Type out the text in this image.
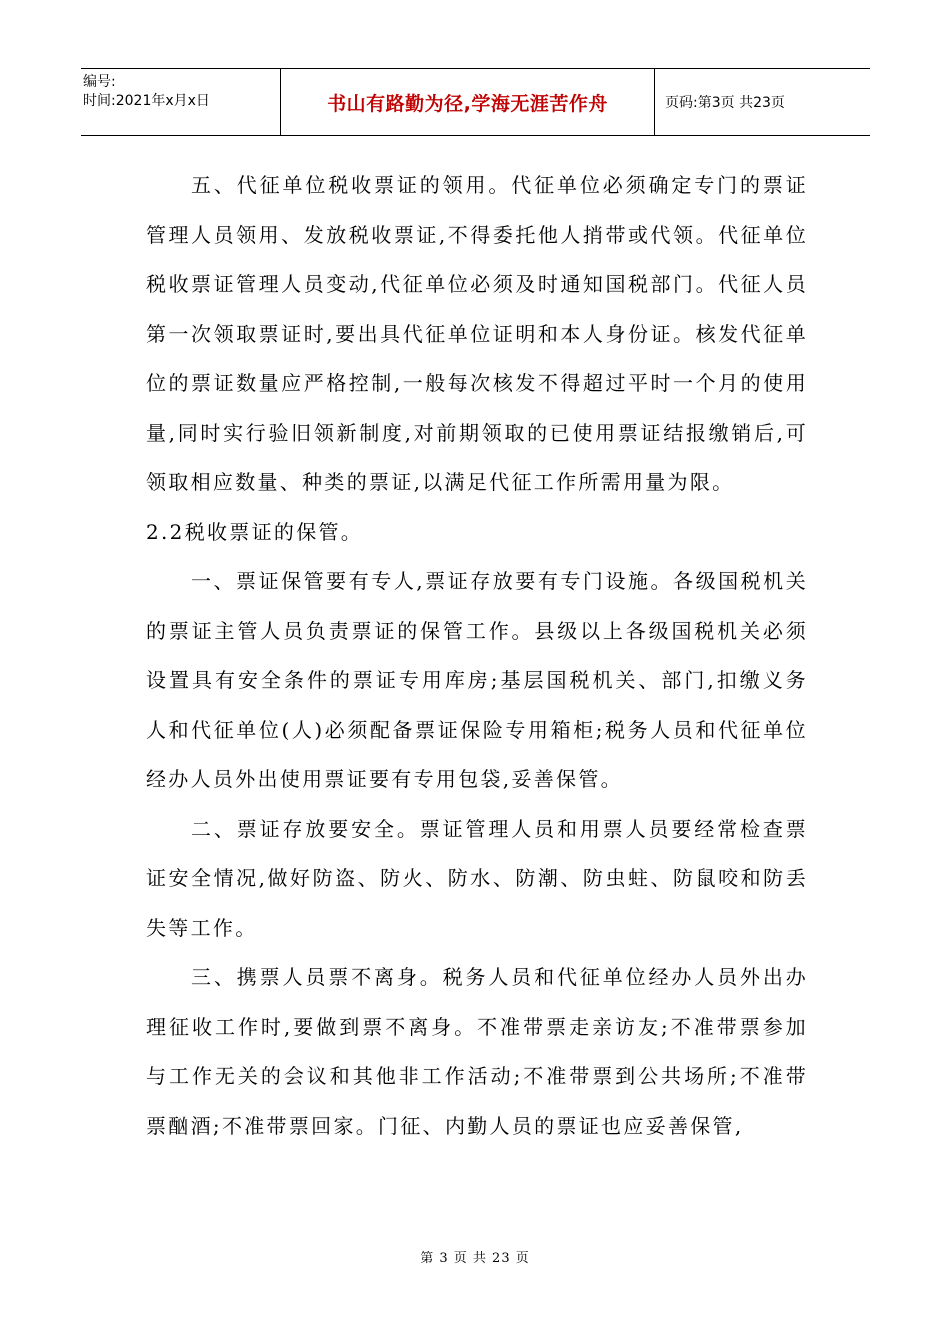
编号:
时间:2021年x月x日	书山有路勤为径,学海无涯苦作舟	页码:第3页 共23页

五、代征单位税收票证的领用。代征单位必须确定专门的票证管理人员领用、发放税收票证,不得委托他人捎带或代领。代征单位税收票证管理人员变动,代征单位必须及时通知国税部门。代征人员第一次领取票证时,要出具代征单位证明和本人身份证。核发代征单位的票证数量应严格控制,一般每次核发不得超过平时一个月的使用量,同时实行验旧领新制度,对前期领取的已使用票证结报缴销后,可领取相应数量、种类的票证,以满足代征工作所需用量为限。

2.2税收票证的保管。

一、票证保管要有专人,票证存放要有专门设施。各级国税机关的票证主管人员负责票证的保管工作。县级以上各级国税机关必须设置具有安全条件的票证专用库房;基层国税机关、部门,扣缴义务人和代征单位(人)必须配备票证保险专用箱柜;税务人员和代征单位经办人员外出使用票证要有专用包袋,妥善保管。

二、票证存放要安全。票证管理人员和用票人员要经常检查票证安全情况,做好防盗、防火、防水、防潮、防虫蛀、防鼠咬和防丢失等工作。

三、携票人员票不离身。税务人员和代征单位经办人员外出办理征收工作时,要做到票不离身。不准带票走亲访友;不准带票参加与工作无关的会议和其他非工作活动;不准带票到公共场所;不准带票酗酒;不准带票回家。门征、内勤人员的票证也应妥善保管,

第 3 页 共 23 页
